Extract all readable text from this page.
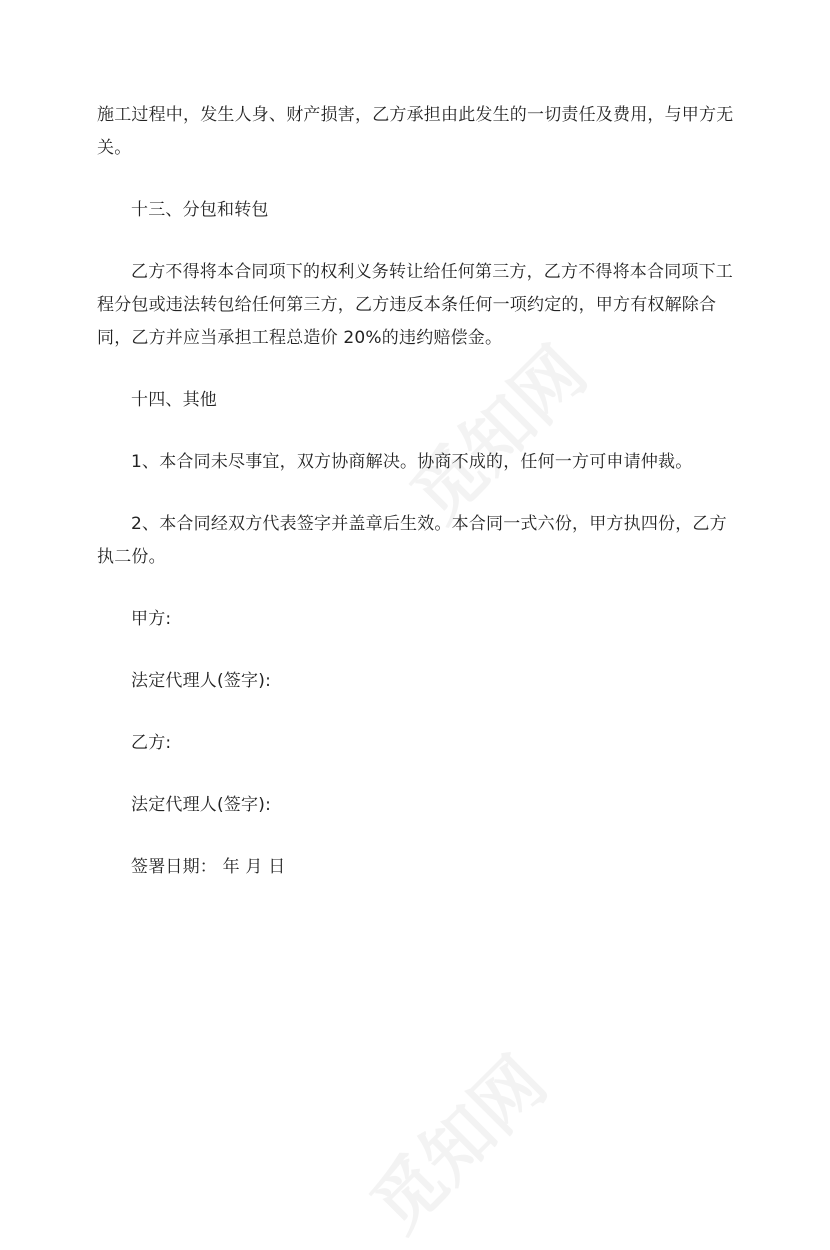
施工过程中，发生人身、财产损害，乙方承担由此发生的一切责任及费用，与甲方无关。

十三、分包和转包

乙方不得将本合同项下的权利义务转让给任何第三方，乙方不得将本合同项下工程分包或违法转包给任何第三方，乙方违反本条任何一项约定的，甲方有权解除合同，乙方并应当承担工程总造价 20%的违约赔偿金。

十四、其他

1、本合同未尽事宜，双方协商解决。协商不成的，任何一方可申请仲裁。

2、本合同经双方代表签字并盖章后生效。本合同一式六份，甲方执四份，乙方执二份。

甲方:

法定代理人(签字):

乙方:

法定代理人(签字):

签署日期： 年 月 日
